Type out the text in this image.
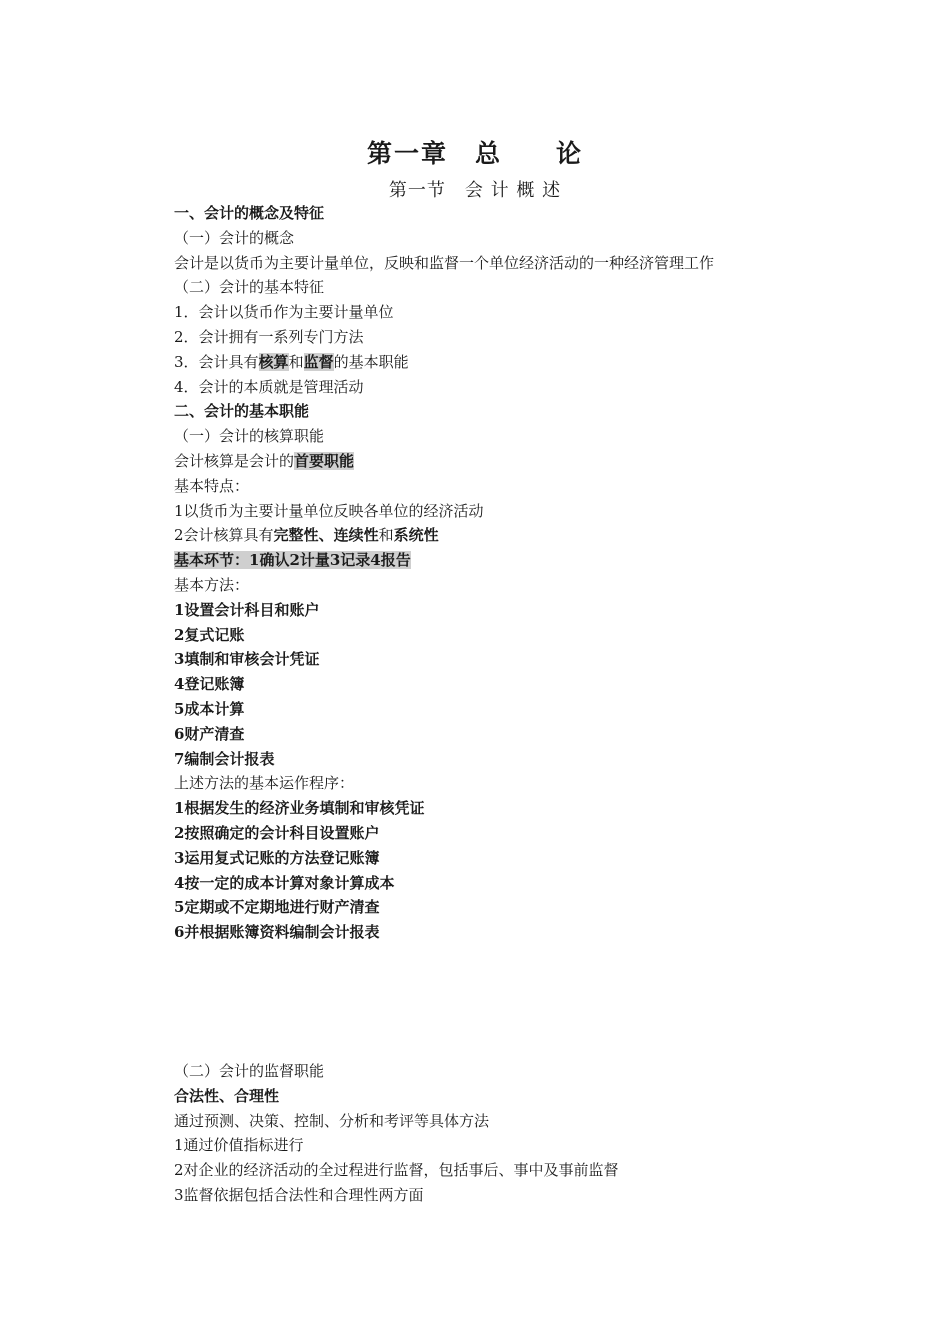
第一章　总　　论
第一节　会 计 概 述
一、会计的概念及特征
（一）会计的概念
会计是以货币为主要计量单位，反映和监督一个单位经济活动的一种经济管理工作
（二）会计的基本特征
1．会计以货币作为主要计量单位
2．会计拥有一系列专门方法
3．会计具有核算和监督的基本职能
4．会计的本质就是管理活动
二、会计的基本职能
（一）会计的核算职能
会计核算是会计的首要职能
基本特点：
1以货币为主要计量单位反映各单位的经济活动
2会计核算具有完整性、连续性和系统性
基本环节：1确认2计量3记录4报告
基本方法：
1设置会计科目和账户
2复式记账
3填制和审核会计凭证
4登记账簿
5成本计算
6财产清查
7编制会计报表
上述方法的基本运作程序：
1根据发生的经济业务填制和审核凭证
2按照确定的会计科目设置账户
3运用复式记账的方法登记账簿
4按一定的成本计算对象计算成本
5定期或不定期地进行财产清查
6并根据账簿资料编制会计报表
（二）会计的监督职能
合法性、合理性
通过预测、决策、控制、分析和考评等具体方法
1通过价值指标进行
2对企业的经济活动的全过程进行监督，包括事后、事中及事前监督
3监督依据包括合法性和合理性两方面
